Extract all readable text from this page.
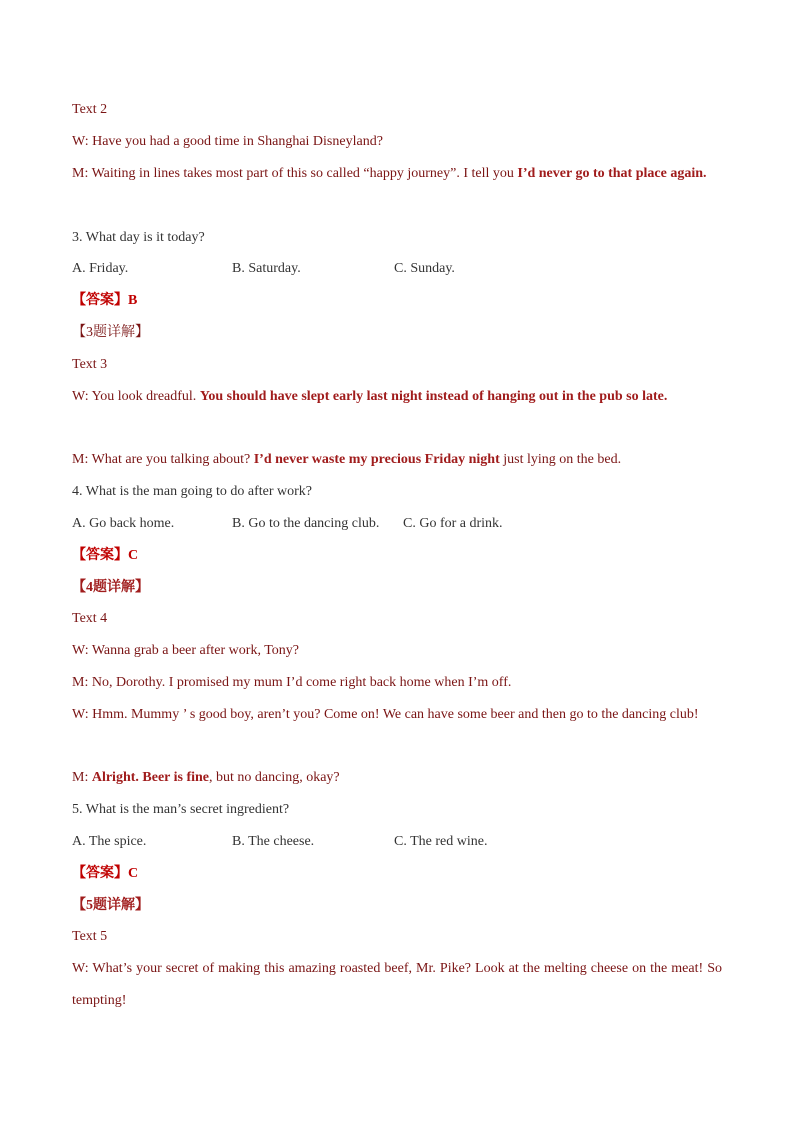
Text 2
W: Have you had a good time in Shanghai Disneyland?
M: Waiting in lines takes most part of this so called “happy journey”. I tell you I’d never go to that place again.
3. What day is it today?
A. Friday.	B. Saturday.	C. Sunday.
【答案】B
【3题详解】
Text 3
W: You look dreadful. You should have slept early last night instead of hanging out in the pub so late.
M: What are you talking about? I’d never waste my precious Friday night just lying on the bed.
4. What is the man going to do after work?
A. Go back home.	B. Go to the dancing club. C. Go for a drink.
【答案】C
【4题详解】
Text 4
W: Wanna grab a beer after work, Tony?
M: No, Dorothy. I promised my mum I’d come right back home when I’m off.
W: Hmm. Mummy ’ s good boy, aren’t you? Come on! We can have some beer and then go to the dancing club!
M: Alright. Beer is fine, but no dancing, okay?
5. What is the man’s secret ingredient?
A. The spice.	B. The cheese.	C. The red wine.
【答案】C
【5题详解】
Text 5
W: What’s your secret of making this amazing roasted beef, Mr. Pike? Look at the melting cheese on the meat! So tempting!
